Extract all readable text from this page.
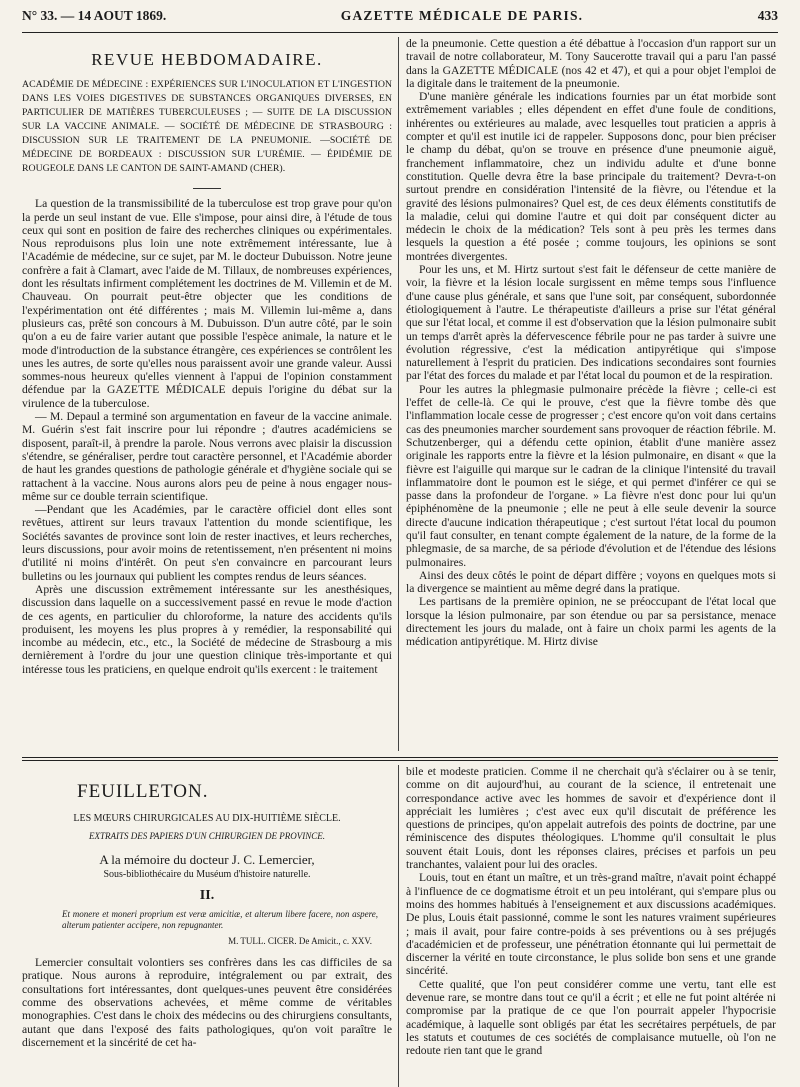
N° 33. — 14 AOUT 1869.	GAZETTE MÉDICALE DE PARIS.	433
REVUE HEBDOMADAIRE.
ACADÉMIE DE MÉDECINE : EXPÉRIENCES SUR L'INOCULATION ET L'INGESTION DANS LES VOIES DIGESTIVES DE SUBSTANCES ORGANIQUES DIVERSES, EN PARTICULIER DE MATIÈRES TUBERCULEUSES ; — SUITE DE LA DISCUSSION SUR LA VACCINE ANIMALE. — SOCIÉTÉ DE MÉDECINE DE STRASBOURG : DISCUSSION SUR LE TRAITEMENT DE LA PNEUMONIE. —SOCIÉTÉ DE MÉDECINE DE BORDEAUX : DISCUSSION SUR L'URÉMIE. — ÉPIDÉMIE DE ROUGEOLE DANS LE CANTON DE SAINT-AMAND (CHER).

La question de la transmissibilité de la tuberculose est trop grave pour qu'on la perde un seul instant de vue. Elle s'impose, pour ainsi dire, à l'étude de tous ceux qui sont en position de faire des recherches cliniques ou expérimentales. Nous reproduisons plus loin une note extrêmement intéressante, lue à l'Académie de médecine, sur ce sujet, par M. le docteur Dubuisson. Notre jeune confrère a fait à Clamart, avec l'aide de M. Tillaux, de nombreuses expériences, dont les résultats infirment complétement les doctrines de M. Villemin et de M. Chauveau. On pourrait peut-être objecter que les conditions de l'expérimentation ont été différentes ; mais M. Villemin lui-même a, dans plusieurs cas, prêté son concours à M. Dubuisson. D'un autre côté, par le soin qu'on a eu de faire varier autant que possible l'espèce animale, la nature et le mode d'introduction de la substance étrangère, ces expériences se contrôlent les unes les autres, de sorte qu'elles nous paraissent avoir une grande valeur. Aussi sommes-nous heureux qu'elles viennent à l'appui de l'opinion constamment défendue par la GAZETTE MÉDICALE depuis l'origine du débat sur la virulence de la tuberculose.

— M. Depaul a terminé son argumentation en faveur de la vaccine animale. M. Guérin s'est fait inscrire pour lui répondre ; d'autres académiciens se disposent, paraît-il, à prendre la parole. Nous verrons avec plaisir la discussion s'étendre, se généraliser, perdre tout caractère personnel, et l'Académie aborder de haut les grandes questions de pathologie générale et d'hygiène sociale qui se rattachent à la vaccine. Nous aurons alors peu de peine à nous engager nous-même sur ce double terrain scientifique.

—Pendant que les Académies, par le caractère officiel dont elles sont revêtues, attirent sur leurs travaux l'attention du monde scientifique, les Sociétés savantes de province sont loin de rester inactives, et leurs recherches, leurs discussions, pour avoir moins de retentissement, n'en présentent ni moins d'utilité ni moins d'intérêt. On peut s'en convaincre en parcourant leurs bulletins ou les journaux qui publient les comptes rendus de leurs séances.

Après une discussion extrêmement intéressante sur les anesthésiques, discussion dans laquelle on a successivement passé en revue le mode d'action de ces agents, en particulier du chloroforme, la nature des accidents qu'ils produisent, les moyens les plus propres à y remédier, la responsabilité qui incombe au médecin, etc., etc., la Société de médecine de Strasbourg a mis dernièrement à l'ordre du jour une question clinique très-importante et qui intéresse tous les praticiens, en quelque endroit qu'ils exercent : le traitement

de la pneumonie. Cette question a été débattue à l'occasion d'un rapport sur un travail de notre collaborateur, M. Tony Saucerotte travail qui a paru l'an passé dans la GAZETTE MÉDICALE (nos 42 et 47), et qui a pour objet l'emploi de la digitale dans le traitement de la pneumonie.

D'une manière générale les indications fournies par un état morbide sont extrêmement variables ; elles dépendent en effet d'une foule de conditions, inhérentes ou extérieures au malade, avec lesquelles tout praticien a appris à compter et qu'il est inutile ici de rappeler. Supposons donc, pour bien préciser le champ du débat, qu'on se trouve en présence d'une pneumonie aiguë, franchement inflammatoire, chez un individu adulte et d'une bonne constitution. Quelle devra être la base principale du traitement? Devra-t-on surtout prendre en considération l'intensité de la fièvre, ou l'étendue et la gravité des lésions pulmonaires? Quel est, de ces deux éléments constitutifs de la maladie, celui qui domine l'autre et qui doit par conséquent dicter au médecin le choix de la médication? Tels sont à peu près les termes dans lesquels la question a été posée ; comme toujours, les opinions se sont montrées divergentes.

Pour les uns, et M. Hirtz surtout s'est fait le défenseur de cette manière de voir, la fièvre et la lésion locale surgissent en même temps sous l'influence d'une cause plus générale, et sans que l'une soit, par conséquent, subordonnée étiologiquement à l'autre. Le thérapeutiste d'ailleurs a prise sur l'état général que sur l'état local, et comme il est d'observation que la lésion pulmonaire subit un temps d'arrêt après la défervescence fébrile pour ne pas tarder à suivre une évolution régressive, c'est la médication antipyrétique qui s'impose naturellement à l'esprit du praticien. Des indications secondaires sont fournies par l'état des forces du malade et par l'état local du poumon et de la respiration.

Pour les autres la phlegmasie pulmonaire précède la fièvre ; celle-ci est l'effet de celle-là. Ce qui le prouve, c'est que la fièvre tombe dès que l'inflammation locale cesse de progresser ; c'est encore qu'on voit dans certains cas des pneumonies marcher sourdement sans provoquer de réaction fébrile. M. Schutzenberger, qui a défendu cette opinion, établit d'une manière assez originale les rapports entre la fièvre et la lésion pulmonaire, en disant « que la fièvre est l'aiguille qui marque sur le cadran de la clinique l'intensité du travail inflammatoire dont le poumon est le siége, et qui permet d'inférer ce qui se passe dans la profondeur de l'organe. » La fièvre n'est donc pour lui qu'un épiphénomène de la pneumonie ; elle ne peut à elle seule devenir la source directe d'aucune indication thérapeutique ; c'est surtout l'état local du poumon qu'il faut consulter, en tenant compte également de la nature, de la forme de la phlegmasie, de sa marche, de sa période d'évolution et de l'étendue des lésions pulmonaires.

Ainsi des deux côtés le point de départ diffère ; voyons en quelques mots si la divergence se maintient au même degré dans la pratique.

Les partisans de la première opinion, ne se préoccupant de l'état local que lorsque la lésion pulmonaire, par son étendue ou par sa persistance, menace directement les jours du malade, ont à faire un choix parmi les agents de la médication antipyrétique. M. Hirtz divise

FEUILLETON.
LES MŒURS CHIRURGICALES AU DIX-HUITIÈME SIÈCLE.
EXTRAITS DES PAPIERS D'UN CHIRURGIEN DE PROVINCE.
A la mémoire du docteur J. C. Lemercier,
Sous-bibliothécaire du Muséum d'histoire naturelle.
II.
Et monere et moneri proprium est veræ amicitiæ, et alterum libere facere, non aspere, alterum patienter accipere, non repugnanter.
M. TULL. CICER. De Amicit., c. XXV.

Lemercier consultait volontiers ses confrères dans les cas difficiles de sa pratique. Nous aurons à reproduire, intégralement ou par extrait, des consultations fort intéressantes, dont quelques-unes peuvent être considérées comme des observations achevées, et même comme de véritables monographies. C'est dans le choix des médecins ou des chirurgiens consultants, autant que dans l'exposé des faits pathologiques, qu'on voit paraître le discernement et la sincérité de cet ha-

bile et modeste praticien. Comme il ne cherchait qu'à s'éclairer ou à se tenir, comme on dit aujourd'hui, au courant de la science, il entretenait une correspondance active avec les hommes de savoir et d'expérience dont il appréciait les lumières ; c'est avec eux qu'il discutait de préférence les questions de principes, qu'on appelait autrefois des points de doctrine, par une réminiscence des disputes théologiques. L'homme qu'il consultait le plus souvent était Louis, dont les réponses claires, précises et parfois un peu tranchantes, valaient pour lui des oracles.

Louis, tout en étant un maître, et un très-grand maître, n'avait point échappé à l'influence de ce dogmatisme étroit et un peu intolérant, qui s'empare plus ou moins des hommes habitués à l'enseignement et aux discussions académiques. De plus, Louis était passionné, comme le sont les natures vraiment supérieures ; mais il avait, pour faire contre-poids à ses préventions ou à ses préjugés d'académicien et de professeur, une pénétration étonnante qui lui permettait de discerner la vérité en toute circonstance, le plus solide bon sens et une grande sincérité.

Cette qualité, que l'on peut considérer comme une vertu, tant elle est devenue rare, se montre dans tout ce qu'il a écrit ; et elle ne fut point altérée ni compromise par la pratique de ce que l'on pourrait appeler l'hypocrisie académique, à laquelle sont obligés par état les secrétaires perpétuels, de par les statuts et coutumes de ces sociétés de complaisance mutuelle, où l'on ne redoute rien tant que le grand
